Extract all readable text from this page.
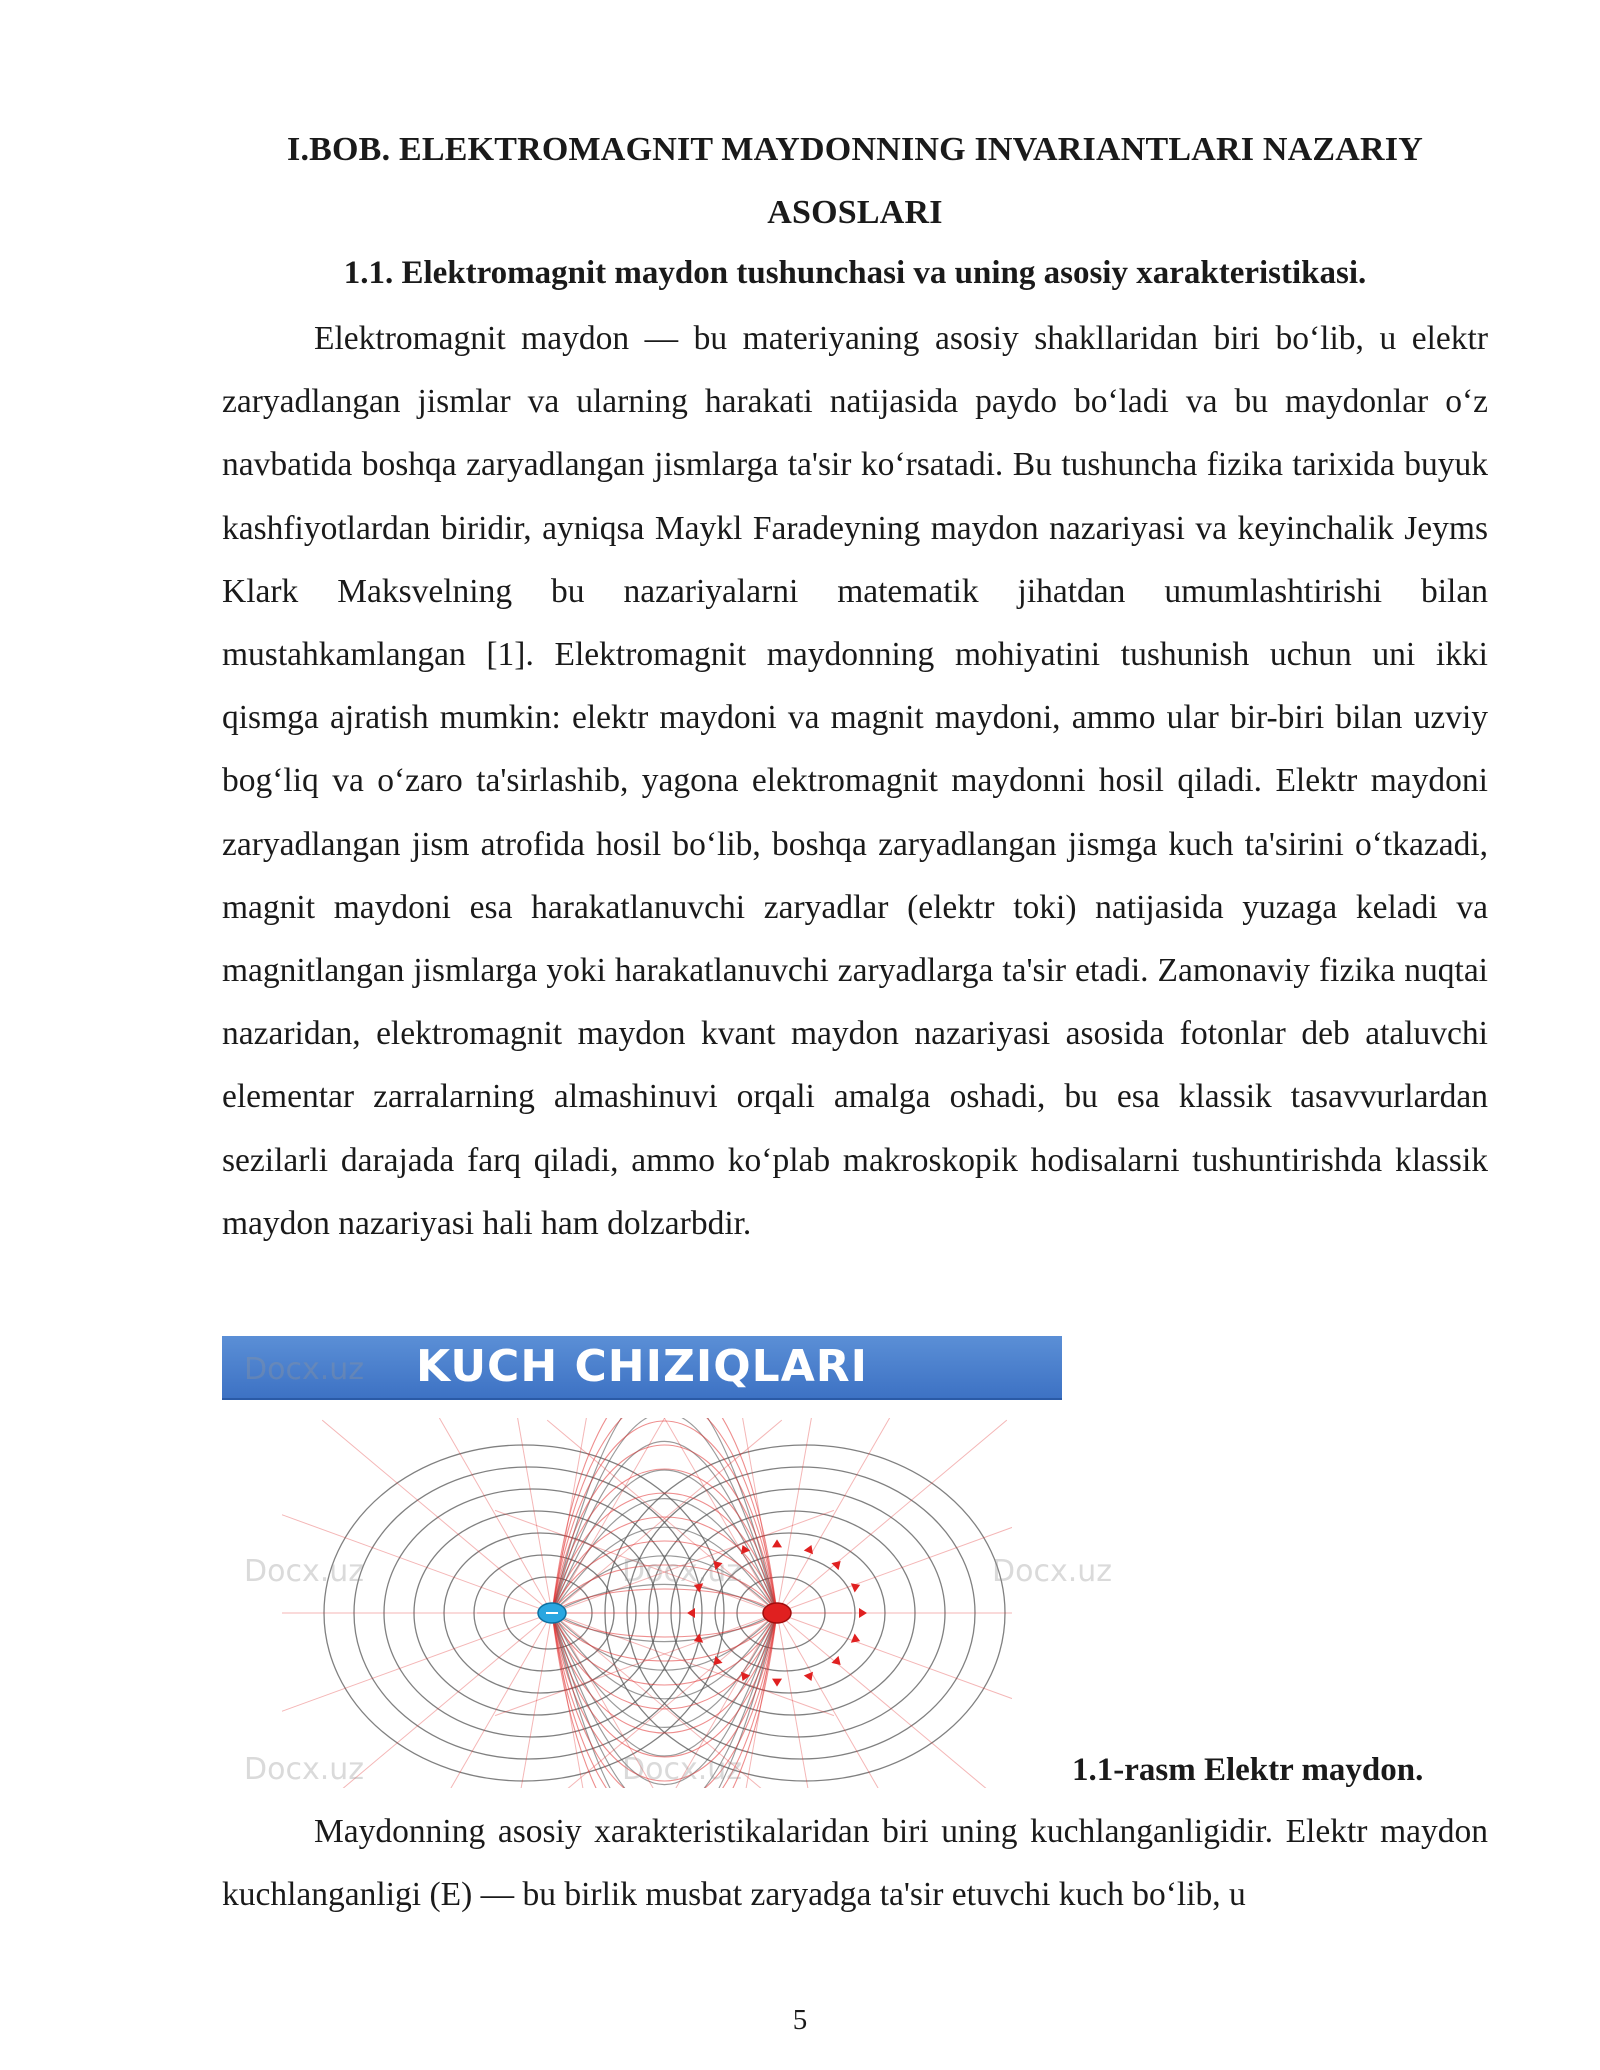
I.BOB. ELEKTROMAGNIT MAYDONNING INVARIANTLARI NAZARIY ASOSLARI
1.1. Elektromagnit maydon tushunchasi va uning asosiy xarakteristikasi.

Elektromagnit maydon — bu materiyaning asosiy shakllaridan biri bo‘lib, u elektr zaryadlangan jismlar va ularning harakati natijasida paydo bo‘ladi va bu maydonlar o‘z navbatida boshqa zaryadlangan jismlarga ta'sir ko‘rsatadi. Bu tushuncha fizika tarixida buyuk kashfiyotlardan biridir, ayniqsa Maykl Faradeyning maydon nazariyasi va keyinchalik Jeyms Klark Maksvelning bu nazariyalarni matematik jihatdan umumlashtirishi bilan mustahkamlangan [1]. Elektromagnit maydonning mohiyatini tushunish uchun uni ikki qismga ajratish mumkin: elektr maydoni va magnit maydoni, ammo ular bir-biri bilan uzviy bog‘liq va o‘zaro ta'sirlashib, yagona elektromagnit maydonni hosil qiladi. Elektr maydoni zaryadlangan jism atrofida hosil bo‘lib, boshqa zaryadlangan jismga kuch ta'sirini o‘tkazadi, magnit maydoni esa harakatlanuvchi zaryadlar (elektr toki) natijasida yuzaga keladi va magnitlangan jismlarga yoki harakatlanuvchi zaryadlarga ta'sir etadi. Zamonaviy fizika nuqtai nazaridan, elektromagnit maydon kvant maydon nazariyasi asosida fotonlar deb ataluvchi elementar zarralarning almashinuvi orqali amalga oshadi, bu esa klassik tasavvurlardan sezilarli darajada farq qiladi, ammo ko‘plab makroskopik hodisalarni tushuntirishda klassik maydon nazariyasi hali ham dolzarbdir.

KUCH CHIZIQLARI
Docx.uz
Docx.uz	Docx.uz	Docx.uz
Docx.uz	Docx.uz	1.1-rasm Elektr maydon.

Maydonning asosiy xarakteristikalaridan biri uning kuchlanganligidir. Elektr maydon kuchlanganligi (E) — bu birlik musbat zaryadga ta'sir etuvchi kuch bo‘lib, u

5
